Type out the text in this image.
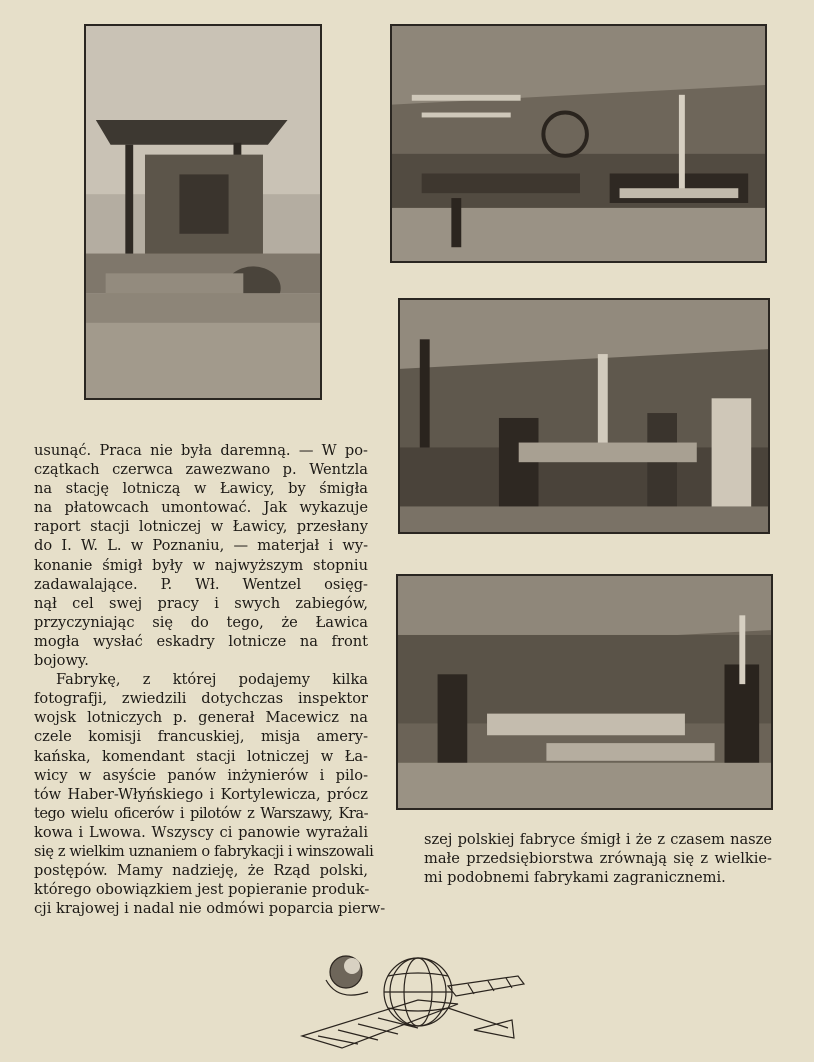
usunąć. Praca nie była daremną. — W po-
czątkach czerwca zawezwano p. Wentzla
na stację lotniczą w Ławicy, by śmigła
na płatowcach umontować. Jak wykazuje
raport stacji lotniczej w Ławicy, przesłany
do I. W. L. w Poznaniu, — materjał i wy-
konanie śmigł były w najwyższym stopniu
zadawalające. P. Wł. Wentzel osięg-
nął cel swej pracy i swych zabiegów,
przyczyniając się do tego, że Ławica
mogła wysłać eskadry lotnicze na front
bojowy.

Fabrykę, z której podajemy kilka
fotografji, zwiedzili dotychczas inspektor
wojsk lotniczych p. generał Macewicz na
czele komisji francuskiej, misja amery-
kańska, komendant stacji lotniczej w Ła-
wicy w asyście panów inżynierów i pilo-
tów Haber-Włyńskiego i Kortylewicza, prócz
tego wielu oficerów i pilotów z Warszawy, Kra-
kowa i Lwowa. Wszyscy ci panowie wyrażali
się z wielkim uznaniem o fabrykacji i winszowali
postępów. Mamy nadzieję, że Rząd polski,
którego obowiązkiem jest popieranie produk-
cji krajowej i nadal nie odmówi poparcia pierw-

szej polskiej fabryce śmigł i że z czasem nasze
małe przedsiębiorstwa zrównają się z wielkie-
mi podobnemi fabrykami zagranicznemi.
